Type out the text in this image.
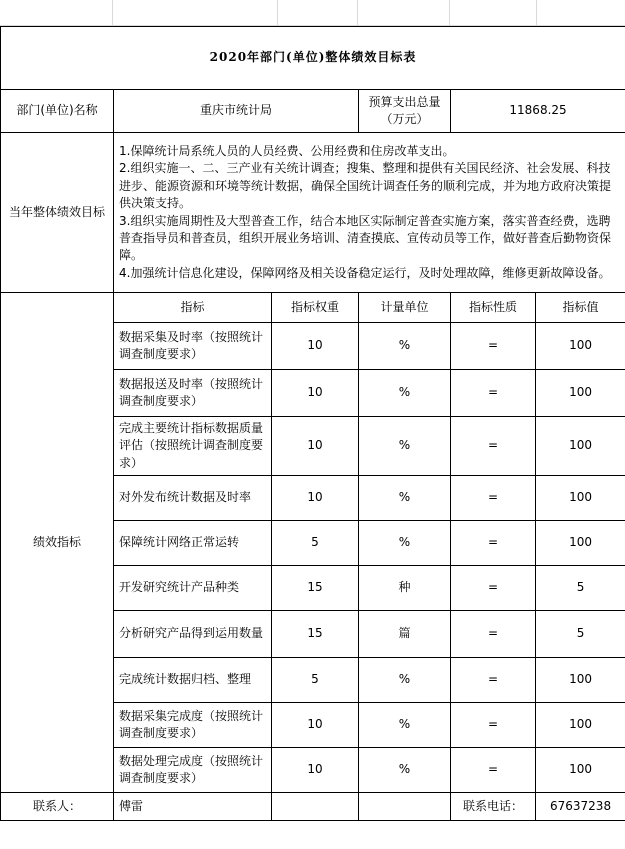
2020年部门(单位)整体绩效目标表					
部门(单位)名称	重庆市统计局		预算支出总量
（万元）	11868.25	
当年整体绩效目标	1.保障统计局系统人员的人员经费、公用经费和住房改革支出。

2.组织实施一、二、三产业有关统计调查；搜集、整理和提供有关国民经济、社会发展、科技进步、能源资源和环境等统计数据，确保全国统计调查任务的顺利完成，并为地方政府决策提供决策支持。

3.组织实施周期性及大型普查工作，结合本地区实际制定普查实施方案，落实普查经费，选聘普查指导员和普查员，组织开展业务培训、清查摸底、宣传动员等工作，做好普查后勤物资保障。

4.加强统计信息化建设，保障网络及相关设备稳定运行，及时处理故障，维修更新故障设备。				

绩效指标	指标	指标权重	计量单位	指标性质	指标值
	数据采集及时率（按照统计调查制度要求）	10	%	=	100
	数据报送及时率（按照统计调查制度要求）	10	%	=	100
	完成主要统计指标数据质量评估（按照统计调查制度要求）	10	%	=	100
	对外发布统计数据及时率	10	%	=	100
	保障统计网络正常运转	5	%	=	100
	开发研究统计产品种类	15	种	=	5
	分析研究产品得到运用数量	15	篇	=	5
	完成统计数据归档、整理	5	%	=	100
	数据采集完成度（按照统计调查制度要求）	10	%	=	100
	数据处理完成度（按照统计调查制度要求）	10	%	=	100
联系人：	傅雷			联系电话：	67637238
